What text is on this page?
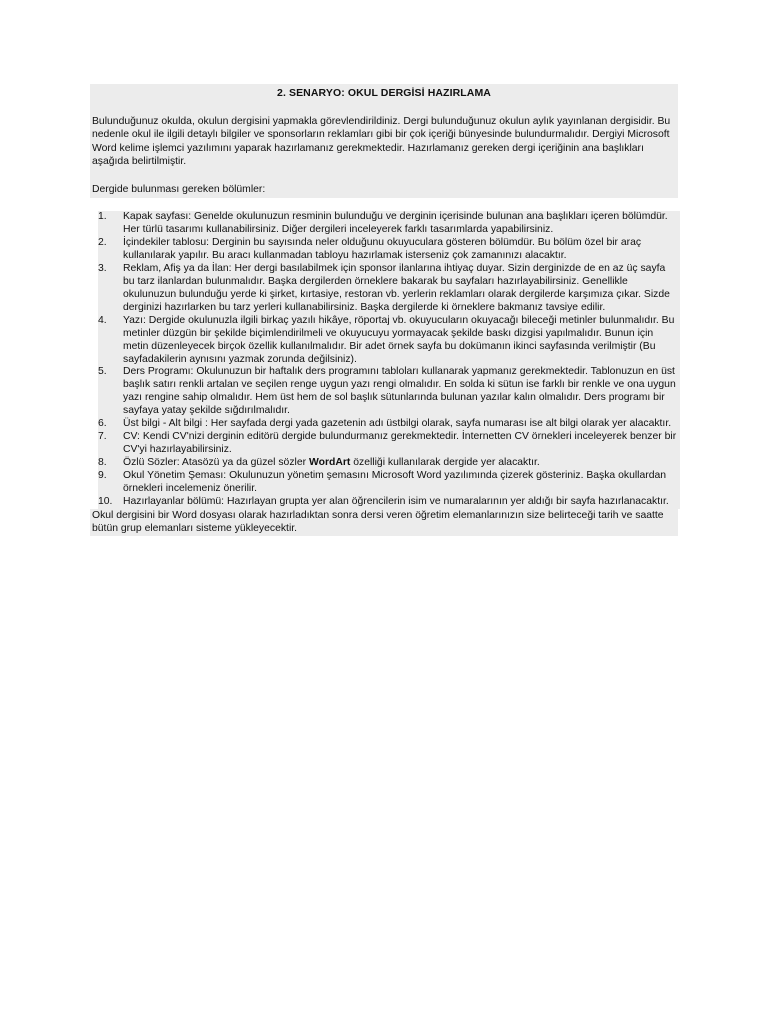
2. SENARYO: OKUL DERGİSİ HAZIRLAMA

Bulunduğunuz okulda, okulun dergisini yapmakla görevlendirildiniz. Dergi bulunduğunuz okulun aylık yayınlanan dergisidir. Bu nedenle okul ile ilgili detaylı bilgiler ve sponsorların reklamları gibi bir çok içeriği bünyesinde bulundurmalıdır. Dergiyi Microsoft Word kelime işlemci yazılımını yaparak hazırlamanız gerekmektedir. Hazırlamanız gereken dergi içeriğinin ana başlıkları aşağıda belirtilmiştir.

Dergide bulunması gereken bölümler:

1.	Kapak sayfası: Genelde okulunuzun resminin bulunduğu ve derginin içerisinde bulunan ana başlıkları içeren bölümdür. Her türlü tasarımı kullanabilirsiniz. Diğer dergileri inceleyerek farklı tasarımlarda yapabilirsiniz.
2.	İçindekiler tablosu: Derginin bu sayısında neler olduğunu okuyuculara gösteren bölümdür. Bu bölüm özel bir araç kullanılarak yapılır. Bu aracı kullanmadan tabloyu hazırlamak isterseniz çok zamanınızı alacaktır.
3.	Reklam, Afiş ya da İlan: Her dergi basılabilmek için sponsor ilanlarına ihtiyaç duyar. Sizin derginizde de en az üç sayfa bu tarz ilanlardan bulunmalıdır. Başka dergilerden örneklere bakarak bu sayfaları hazırlayabilirsiniz. Genellikle okulunuzun bulunduğu yerde ki şirket, kırtasiye, restoran vb. yerlerin reklamları olarak dergilerde karşımıza çıkar. Sizde derginizi hazırlarken bu tarz yerleri kullanabilirsiniz. Başka dergilerde ki örneklere bakmanız tavsiye edilir.
4.	Yazı: Dergide okulunuzla ilgili birkaç yazılı hikâye, röportaj vb. okuyucuların okuyacağı bileceği metinler bulunmalıdır. Bu metinler düzgün bir şekilde biçimlendirilmeli ve okuyucuyu yormayacak şekilde baskı dizgisi yapılmalıdır. Bunun için metin düzenleyecek birçok özellik kullanılmalıdır. Bir adet örnek sayfa bu dokümanın ikinci sayfasında verilmiştir (Bu sayfadakilerin aynısını yazmak zorunda değilsiniz).
5.	Ders Programı: Okulunuzun bir haftalık ders programını tabloları kullanarak yapmanız gerekmektedir. Tablonuzun en üst başlık satırı renkli artalan ve seçilen renge uygun yazı rengi olmalıdır. En solda ki sütun ise farklı bir renkle ve ona uygun yazı rengine sahip olmalıdır. Hem üst hem de sol başlık sütunlarında bulunan yazılar kalın olmalıdır. Ders programı bir sayfaya yatay şekilde sığdırılmalıdır.
6.	Üst bilgi - Alt bilgi : Her sayfada dergi yada gazetenin adı üstbilgi olarak, sayfa numarası ise alt bilgi olarak yer alacaktır.
7.	CV: Kendi CV'nizi derginin editörü dergide bulundurmanız gerekmektedir. İnternetten CV örnekleri inceleyerek benzer bir CV'yi hazırlayabilirsiniz.
8.	Özlü Sözler: Atasözü ya da güzel sözler WordArt özelliği kullanılarak dergide yer alacaktır.
9.	Okul Yönetim Şeması: Okulunuzun yönetim şemasını Microsoft Word yazılımında çizerek gösteriniz. Başka okullardan örnekleri incelemeniz önerilir.
10.	Hazırlayanlar bölümü: Hazırlayan grupta yer alan öğrencilerin isim ve numaralarının yer aldığı bir sayfa hazırlanacaktır.

Okul dergisini bir Word dosyası olarak hazırladıktan sonra dersi veren öğretim elemanlarınızın size belirteceği tarih ve saatte bütün grup elemanları sisteme yükleyecektir.
